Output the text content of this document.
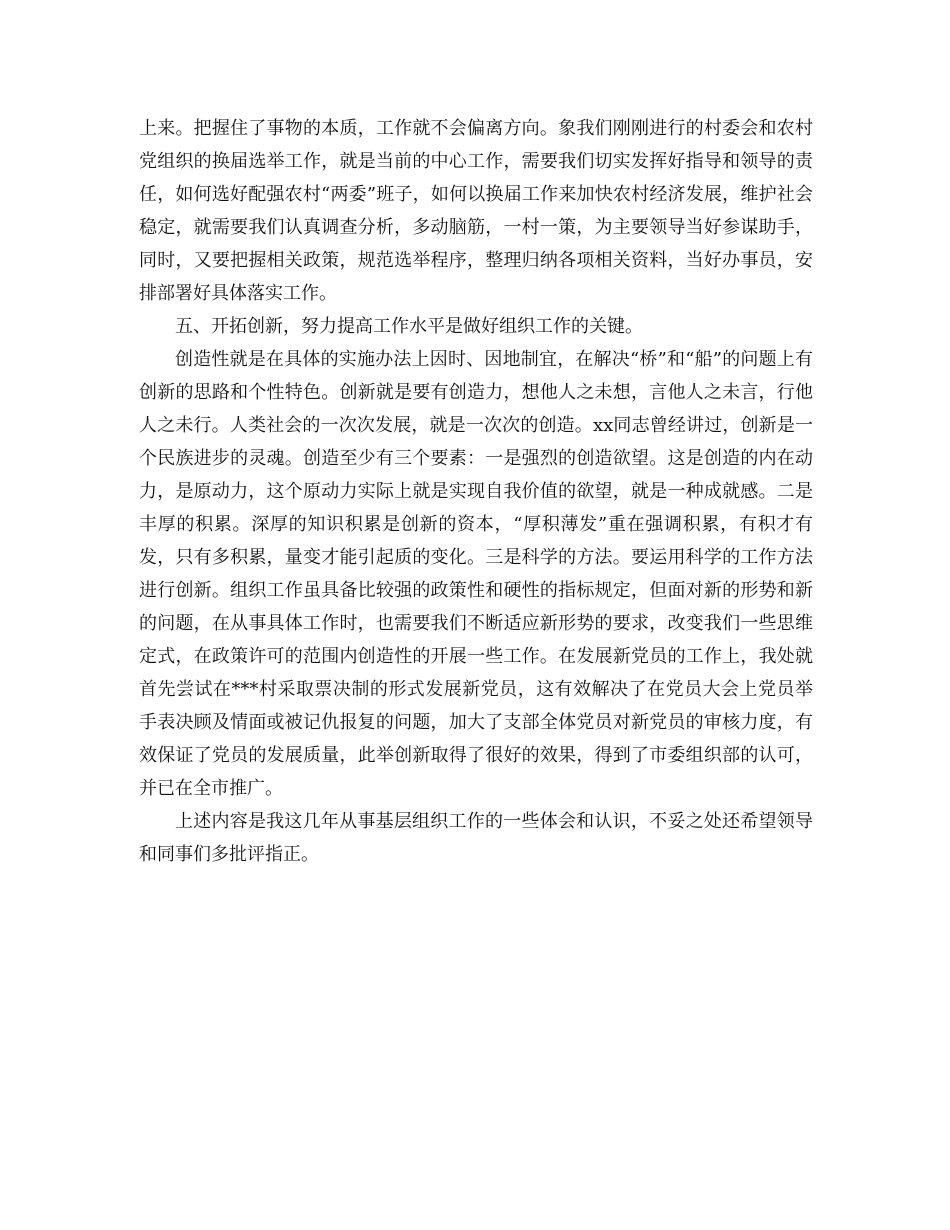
上来。把握住了事物的本质，工作就不会偏离方向。象我们刚刚进行的村委会和农村党组织的换届选举工作，就是当前的中心工作，需要我们切实发挥好指导和领导的责任，如何选好配强农村“两委”班子，如何以换届工作来加快农村经济发展，维护社会稳定，就需要我们认真调查分析，多动脑筋，一村一策，为主要领导当好参谋助手，同时，又要把握相关政策，规范选举程序，整理归纳各项相关资料，当好办事员，安排部署好具体落实工作。

五、开拓创新，努力提高工作水平是做好组织工作的关键。

创造性就是在具体的实施办法上因时、因地制宜，在解决“桥”和“船”的问题上有创新的思路和个性特色。创新就是要有创造力，想他人之未想，言他人之未言，行他人之未行。人类社会的一次次发展，就是一次次的创造。xx同志曾经讲过，创新是一个民族进步的灵魂。创造至少有三个要素：一是强烈的创造欲望。这是创造的内在动力，是原动力，这个原动力实际上就是实现自我价值的欲望，就是一种成就感。二是丰厚的积累。深厚的知识积累是创新的资本，“厚积薄发”重在强调积累，有积才有发，只有多积累，量变才能引起质的变化。三是科学的方法。要运用科学的工作方法进行创新。组织工作虽具备比较强的政策性和硬性的指标规定，但面对新的形势和新的问题，在从事具体工作时，也需要我们不断适应新形势的要求，改变我们一些思维定式，在政策许可的范围内创造性的开展一些工作。在发展新党员的工作上，我处就首先尝试在***村采取票决制的形式发展新党员，这有效解决了在党员大会上党员举手表决顾及情面或被记仇报复的问题，加大了支部全体党员对新党员的审核力度，有效保证了党员的发展质量，此举创新取得了很好的效果，得到了市委组织部的认可，并已在全市推广。

上述内容是我这几年从事基层组织工作的一些体会和认识，不妥之处还希望领导和同事们多批评指正。
